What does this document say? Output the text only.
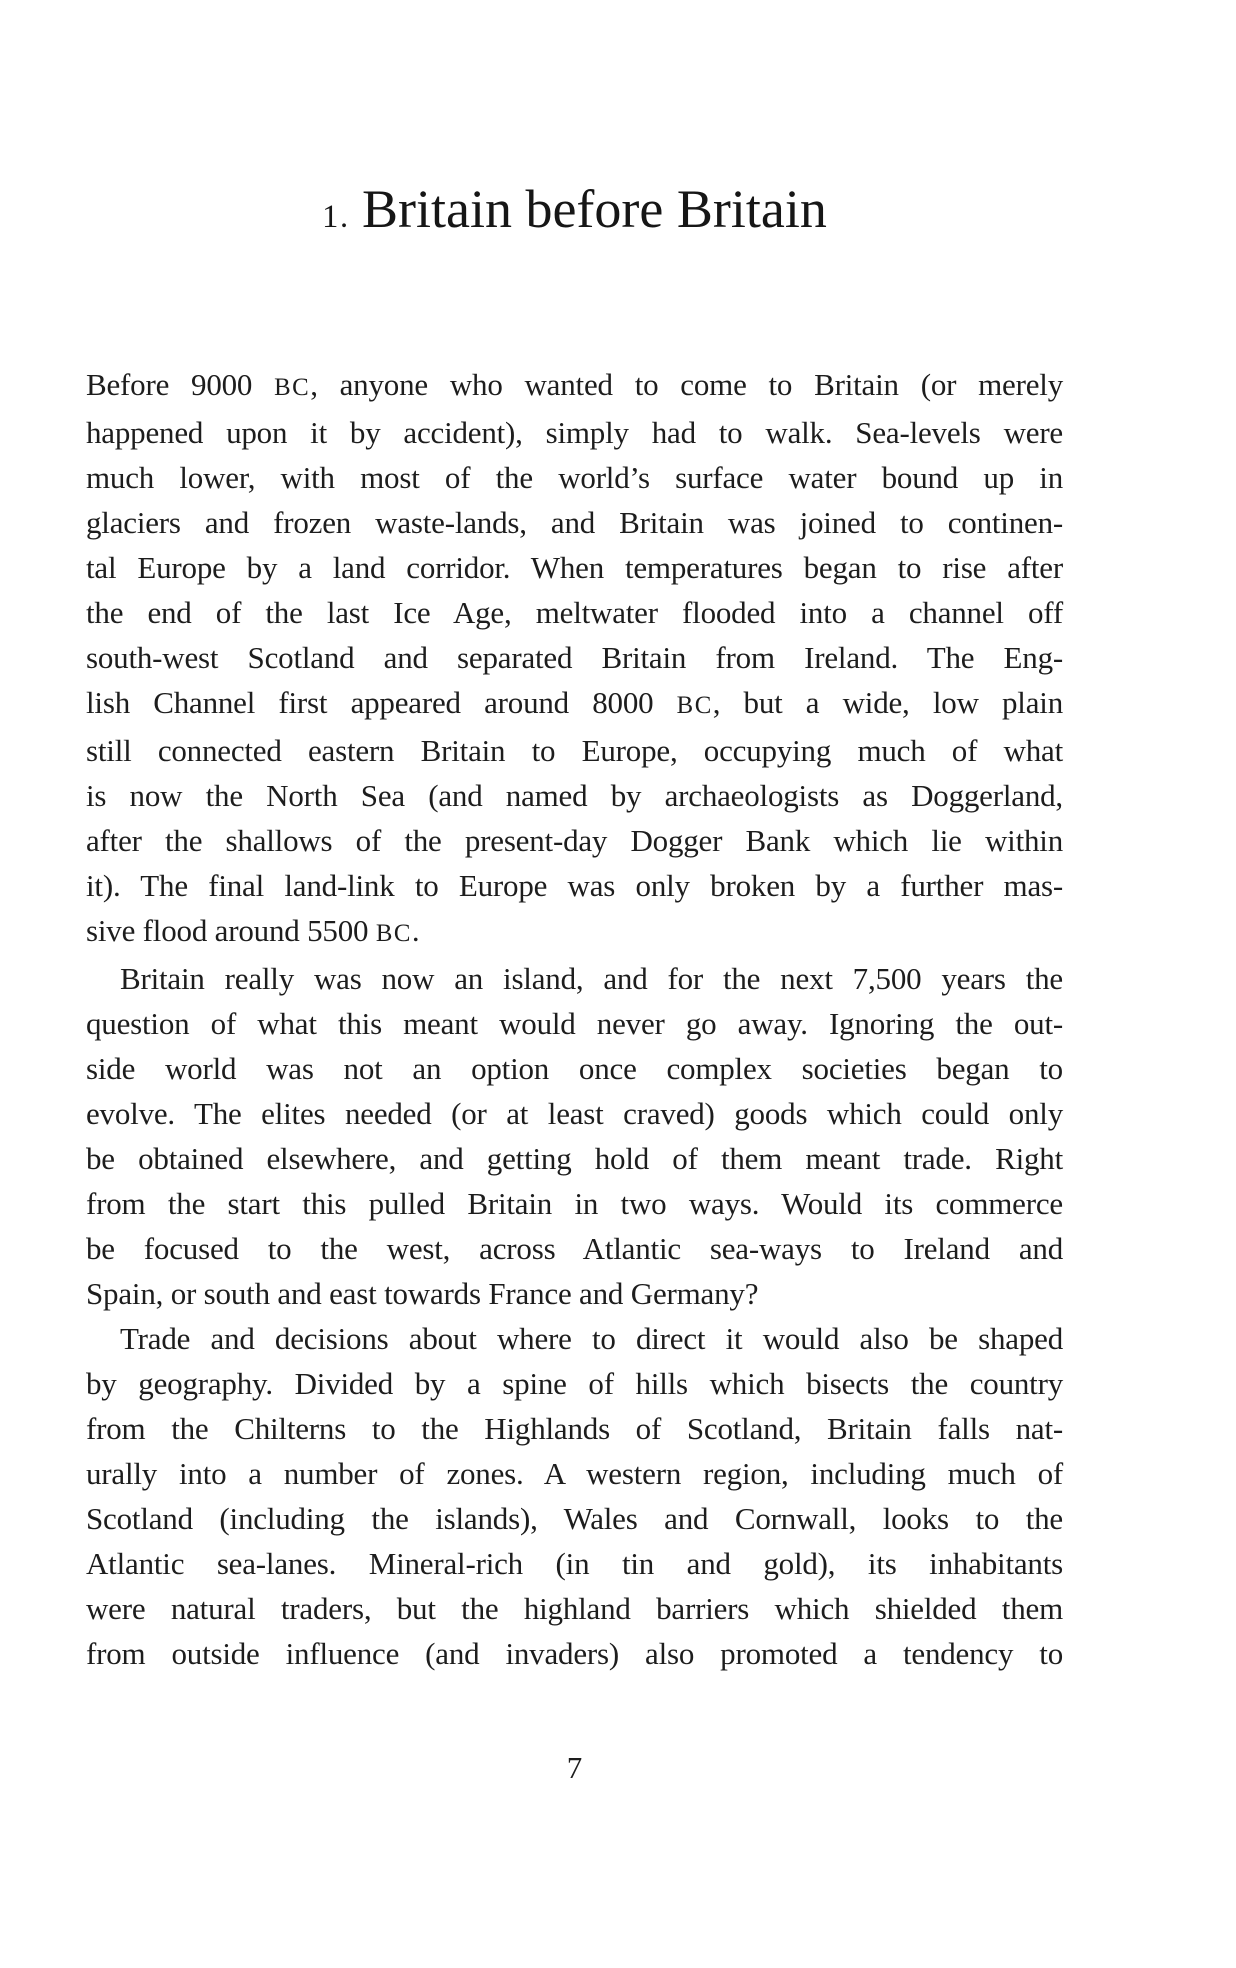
1. Britain before Britain
Before 9000 BC, anyone who wanted to come to Britain (or merely
happened upon it by accident), simply had to walk. Sea-levels were
much lower, with most of the world’s surface water bound up in
glaciers and frozen waste-lands, and Britain was joined to continen-
tal Europe by a land corridor. When temperatures began to rise after
the end of the last Ice Age, meltwater flooded into a channel off
south-west Scotland and separated Britain from Ireland. The Eng-
lish Channel first appeared around 8000 BC, but a wide, low plain
still connected eastern Britain to Europe, occupying much of what
is now the North Sea (and named by archaeologists as Doggerland,
after the shallows of the present-day Dogger Bank which lie within
it). The final land-link to Europe was only broken by a further mas-
sive flood around 5500 BC.
Britain really was now an island, and for the next 7,500 years the
question of what this meant would never go away. Ignoring the out-
side world was not an option once complex societies began to
evolve. The elites needed (or at least craved) goods which could only
be obtained elsewhere, and getting hold of them meant trade. Right
from the start this pulled Britain in two ways. Would its commerce
be focused to the west, across Atlantic sea-ways to Ireland and
Spain, or south and east towards France and Germany?
Trade and decisions about where to direct it would also be shaped
by geography. Divided by a spine of hills which bisects the country
from the Chilterns to the Highlands of Scotland, Britain falls nat-
urally into a number of zones. A western region, including much of
Scotland (including the islands), Wales and Cornwall, looks to the
Atlantic sea-lanes. Mineral-rich (in tin and gold), its inhabitants
were natural traders, but the highland barriers which shielded them
from outside influence (and invaders) also promoted a tendency to
7
